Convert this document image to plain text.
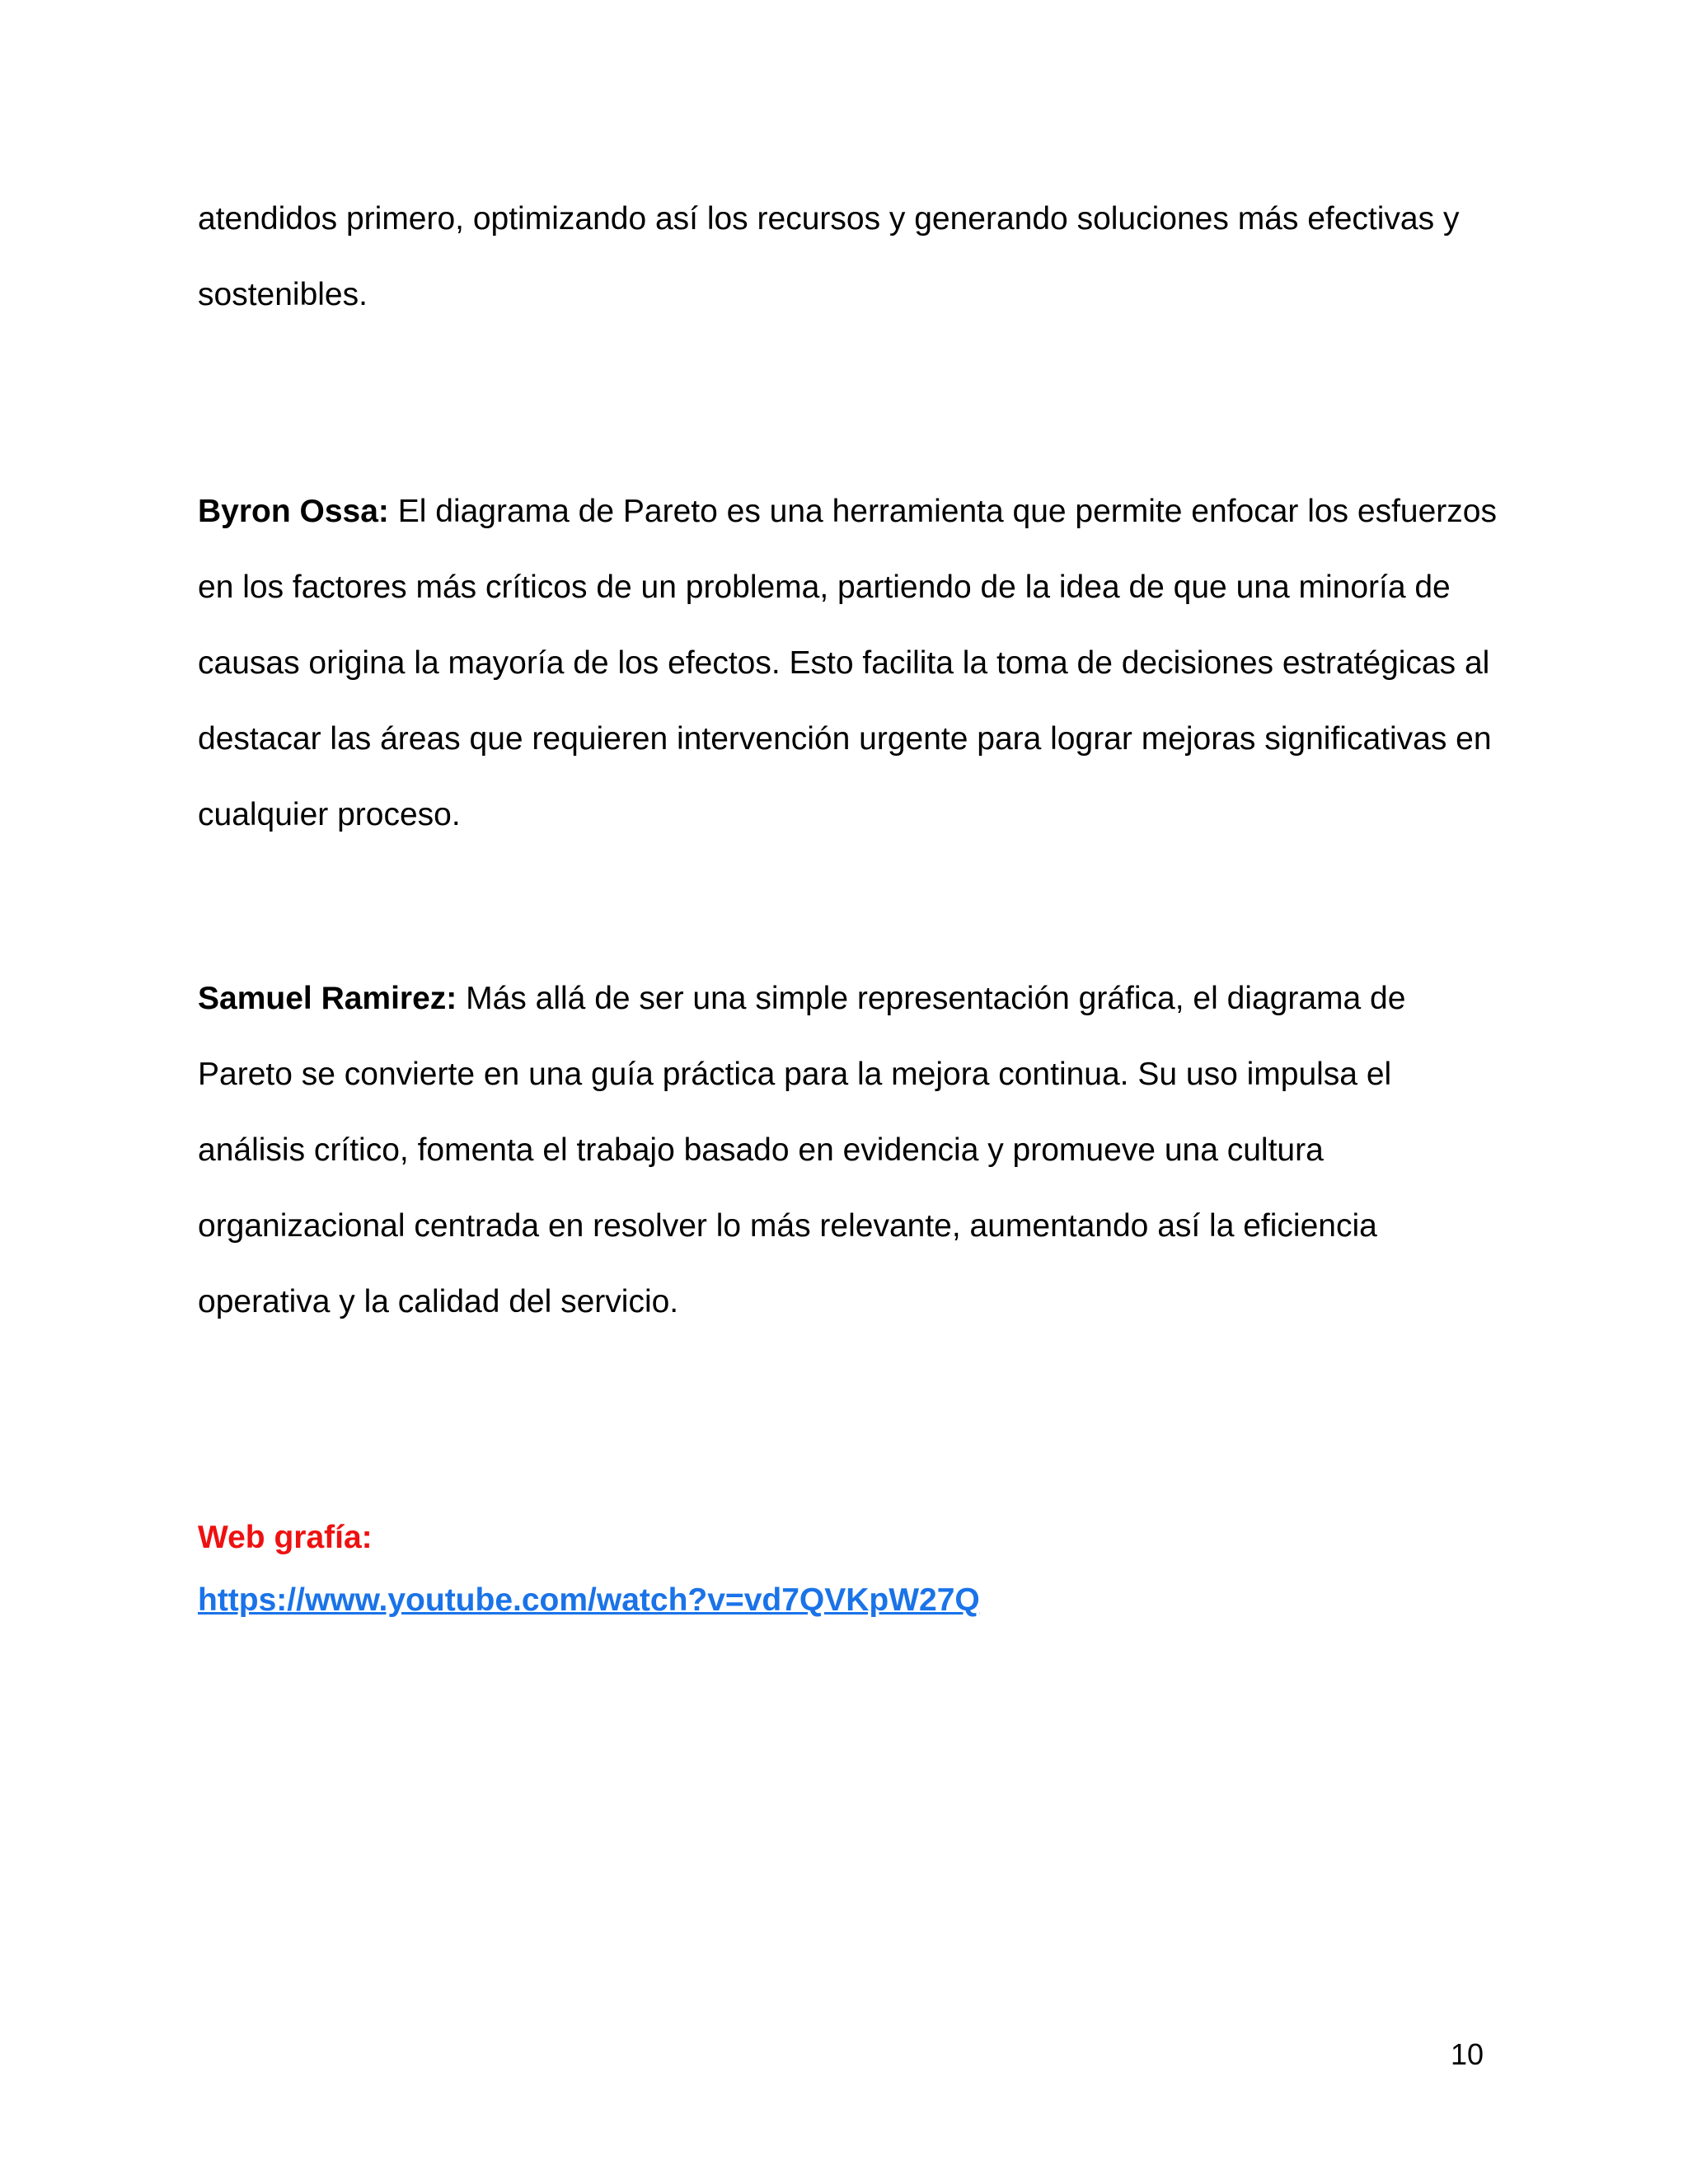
atendidos primero, optimizando así los recursos y generando soluciones más efectivas y sostenibles.

Byron Ossa: El diagrama de Pareto es una herramienta que permite enfocar los esfuerzos en los factores más críticos de un problema, partiendo de la idea de que una minoría de causas origina la mayoría de los efectos. Esto facilita la toma de decisiones estratégicas al destacar las áreas que requieren intervención urgente para lograr mejoras significativas en cualquier proceso.

Samuel Ramirez: Más allá de ser una simple representación gráfica, el diagrama de Pareto se convierte en una guía práctica para la mejora continua. Su uso impulsa el análisis crítico, fomenta el trabajo basado en evidencia y promueve una cultura organizacional centrada en resolver lo más relevante, aumentando así la eficiencia operativa y la calidad del servicio.

Web grafía:

https://www.youtube.com/watch?v=vd7QVKpW27Q

10
